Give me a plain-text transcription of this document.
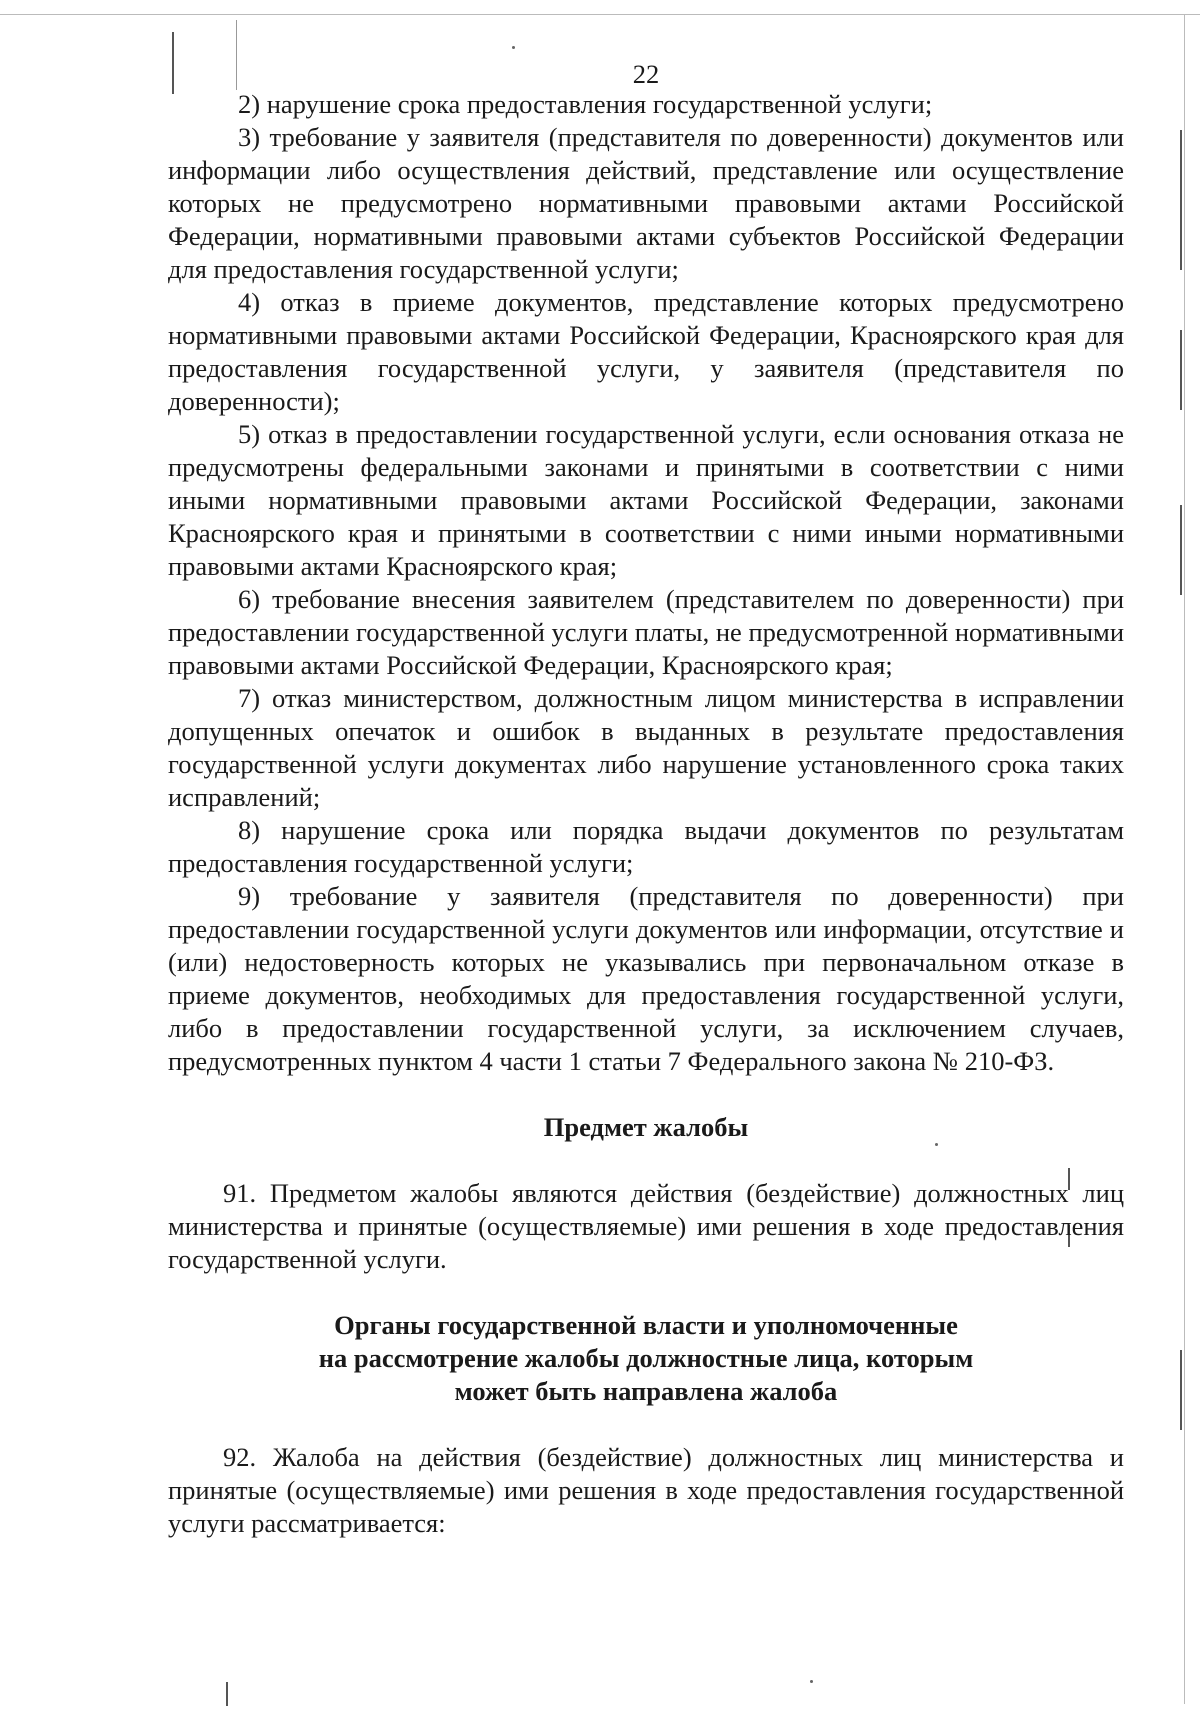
22

2) нарушение срока предоставления государственной услуги;

3) требование у заявителя (представителя по доверенности) документов или информации либо осуществления действий, представление или осуществление которых не предусмотрено нормативными правовыми актами Российской Федерации, нормативными правовыми актами субъектов Российской Федерации для предоставления государственной услуги;

4) отказ в приеме документов, представление которых предусмотрено нормативными правовыми актами Российской Федерации, Красноярского края для предоставления государственной услуги, у заявителя (представителя по доверенности);

5) отказ в предоставлении государственной услуги, если основания отказа не предусмотрены федеральными законами и принятыми в соответствии с ними иными нормативными правовыми актами Российской Федерации, законами Красноярского края и принятыми в соответствии с ними иными нормативными правовыми актами Красноярского края;

6) требование внесения заявителем (представителем по доверенности) при предоставлении государственной услуги платы, не предусмотренной нормативными правовыми актами Российской Федерации, Красноярского края;

7) отказ министерством, должностным лицом министерства в исправлении допущенных опечаток и ошибок в выданных в результате предоставления государственной услуги документах либо нарушение установленного срока таких исправлений;

8) нарушение срока или порядка выдачи документов по результатам предоставления государственной услуги;

9) требование у заявителя (представителя по доверенности) при предоставлении государственной услуги документов или информации, отсутствие и (или) недостоверность которых не указывались при первоначальном отказе в приеме документов, необходимых для предоставления государственной услуги, либо в предоставлении государственной услуги, за исключением случаев, предусмотренных пунктом 4 части 1 статьи 7 Федерального закона № 210-ФЗ.

Предмет жалобы

91. Предметом жалобы являются действия (бездействие) должностных лиц министерства и принятые (осуществляемые) ими решения в ходе предоставления государственной услуги.

Органы государственной власти и уполномоченные
на рассмотрение жалобы должностные лица, которым
может быть направлена жалоба

92. Жалоба на действия (бездействие) должностных лиц министерства и принятые (осуществляемые) ими решения в ходе предоставления государственной услуги рассматривается:
